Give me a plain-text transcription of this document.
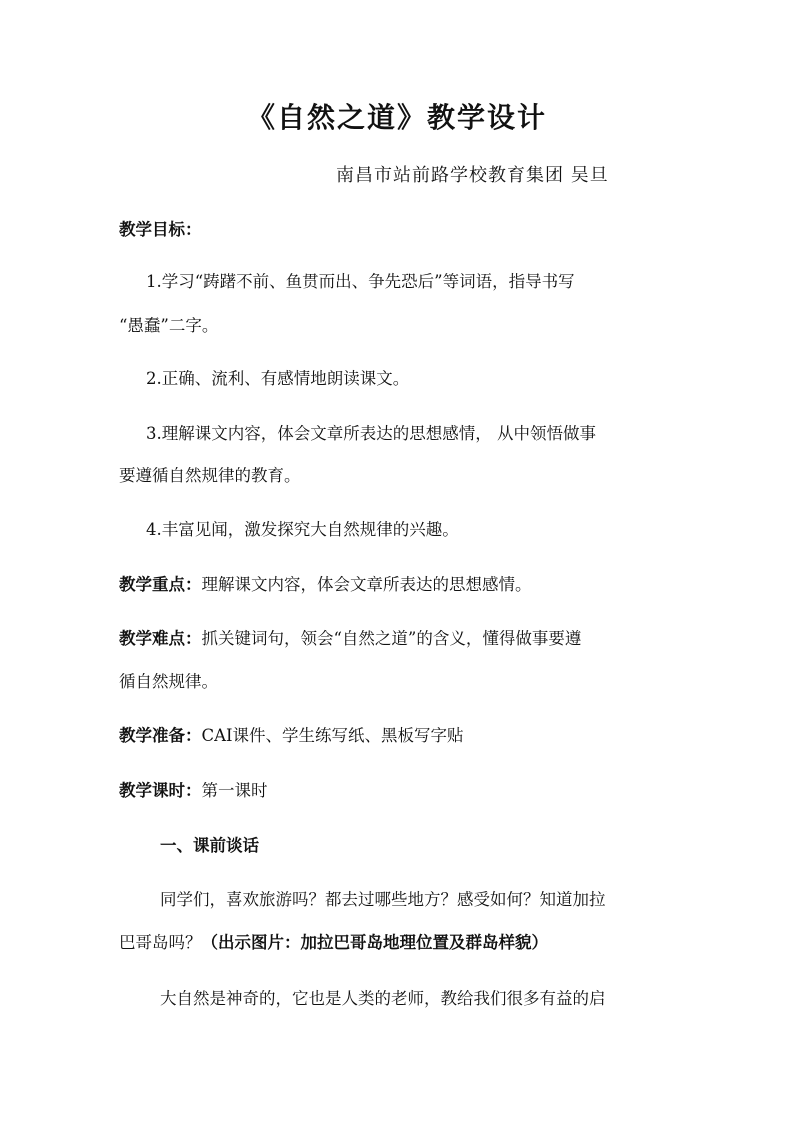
《自然之道》教学设计
南昌市站前路学校教育集团 吴旦
教学目标：
1.学习“踌躇不前、鱼贯而出、争先恐后”等词语，指导书写
“愚蠢”二字。
2.正确、流利、有感情地朗读课文。
3.理解课文内容，体会文章所表达的思想感情， 从中领悟做事
要遵循自然规律的教育。
4.丰富见闻，激发探究大自然规律的兴趣。
教学重点：理解课文内容，体会文章所表达的思想感情。
教学难点：抓关键词句，领会“自然之道”的含义，懂得做事要遵
循自然规律。
教学准备：CAI课件、学生练写纸、黑板写字贴
教学课时：第一课时
一、课前谈话
同学们，喜欢旅游吗？都去过哪些地方？感受如何？知道加拉
巴哥岛吗？（出示图片：加拉巴哥岛地理位置及群岛样貌）
大自然是神奇的，它也是人类的老师，教给我们很多有益的启
